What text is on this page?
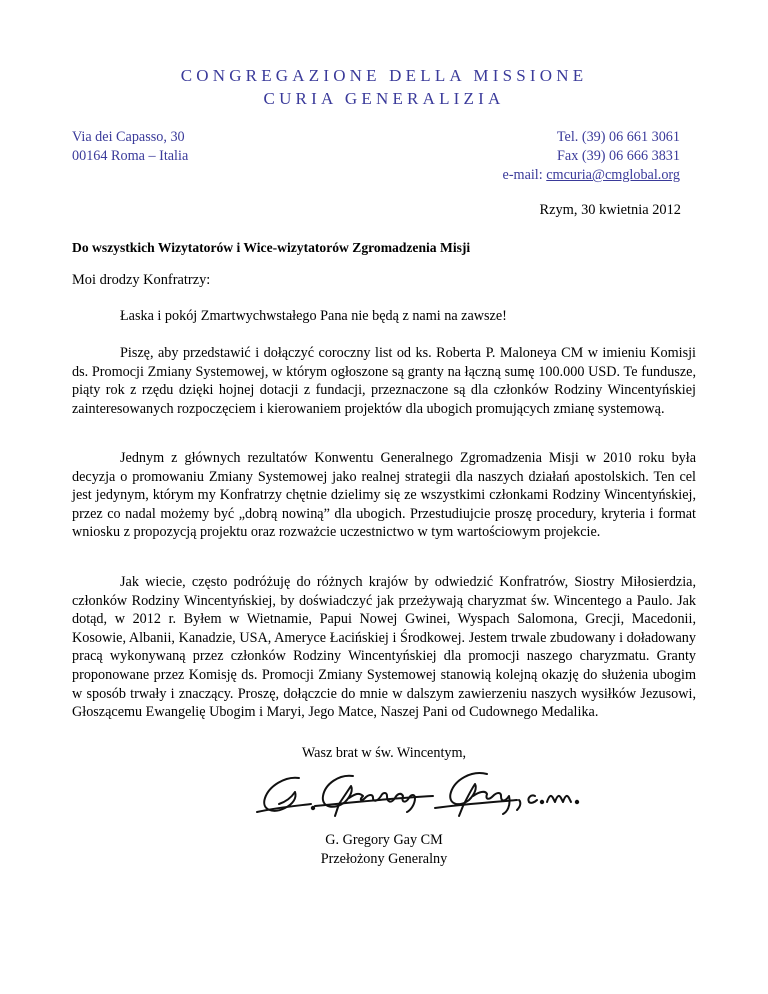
CONGREGAZIONE DELLA MISSIONE
CURIA GENERALIZIA
Via dei Capasso, 30
00164 Roma – Italia
Tel. (39) 06 661 3061
Fax (39) 06 666 3831
e-mail: cmcuria@cmglobal.org
Rzym, 30 kwietnia 2012
Do wszystkich Wizytatorów i Wice-wizytatorów Zgromadzenia Misji
Moi drodzy Konfratrzy:
Łaska i pokój Zmartwychwstałego Pana nie będą z nami na zawsze!
Piszę, aby przedstawić i dołączyć coroczny list od ks. Roberta P. Maloneya CM w imieniu Komisji ds. Promocji Zmiany Systemowej, w którym ogłoszone są granty na łączną sumę 100.000 USD. Te fundusze, piąty rok z rzędu dzięki hojnej dotacji z fundacji, przeznaczone są dla członków Rodziny Wincentyńskiej zainteresowanych rozpoczęciem i kierowaniem projektów dla ubogich promujących zmianę systemową.
Jednym z głównych rezultatów Konwentu Generalnego Zgromadzenia Misji w 2010 roku była decyzja o promowaniu Zmiany Systemowej jako realnej strategii dla naszych działań apostolskich. Ten cel jest jedynym, którym my Konfratrzy chętnie dzielimy się ze wszystkimi członkami Rodziny Wincentyńskiej, przez co nadal możemy być „dobrą nowiną” dla ubogich. Przestudiujcie proszę procedury, kryteria i format wniosku z propozycją projektu oraz rozważcie uczestnictwo w tym wartościowym projekcie.
Jak wiecie, często podróżuję do różnych krajów by odwiedzić Konfratrów, Siostry Miłosierdzia, członków Rodziny Wincentyńskiej, by doświadczyć jak przeżywają charyzmat św. Wincentego a Paulo. Jak dotąd, w 2012 r. Byłem w Wietnamie, Papui Nowej Gwinei, Wyspach Salomona, Grecji, Macedonii, Kosowie, Albanii, Kanadzie, USA, Ameryce Łacińskiej i Środkowej. Jestem trwale zbudowany i doładowany pracą wykonywaną przez członków Rodziny Wincentyńskiej dla promocji naszego charyzmatu. Granty proponowane przez Komisję ds. Promocji Zmiany Systemowej stanowią kolejną okazję do służenia ubogim w sposób trwały i znaczący. Proszę, dołączcie do mnie w dalszym zawierzeniu naszych wysiłków Jezusowi, Głoszącemu Ewangelię Ubogim i Maryi, Jego Matce, Naszej Pani od Cudownego Medalika.
Wasz brat w św. Wincentym,
G. Gregory Gay CM
Przełożony Generalny
